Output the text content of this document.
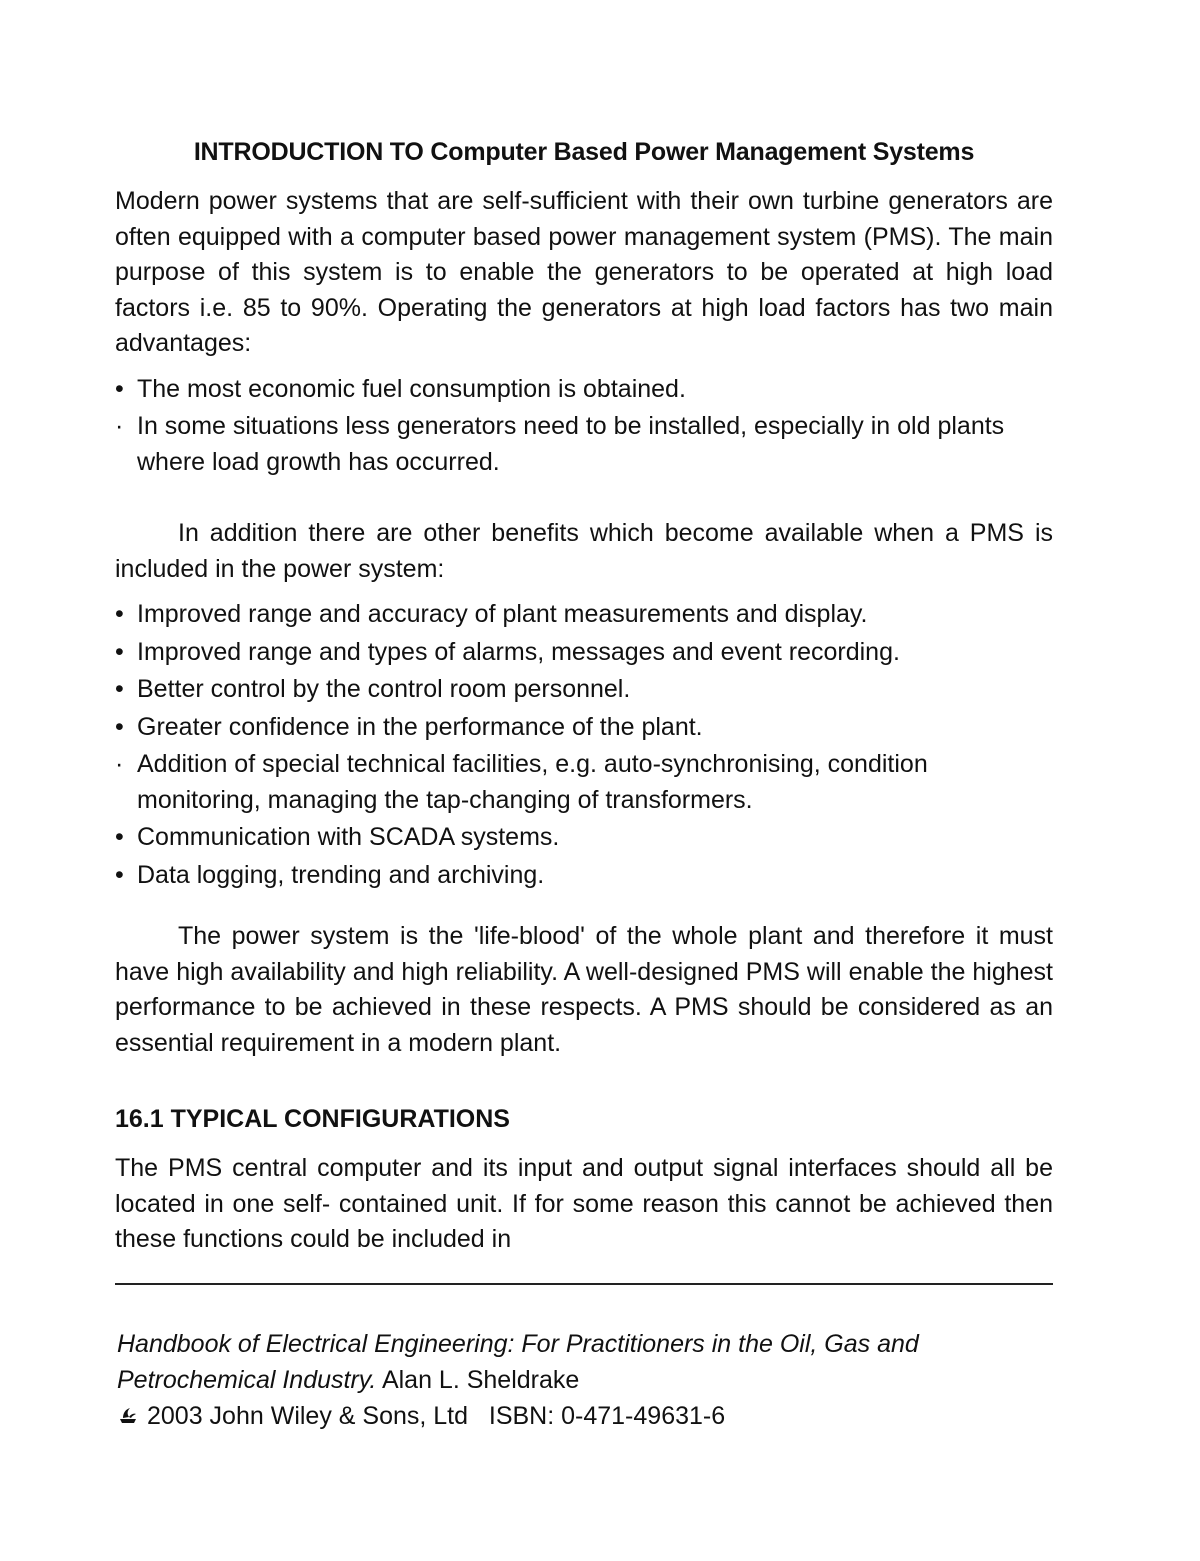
INTRODUCTION TO Computer Based Power Management Systems

Modern power systems that are self-sufficient with their own turbine generators are often equipped with a computer based power management system (PMS). The main purpose of this system is to enable the generators to be operated at high load factors i.e. 85 to 90%. Operating the generators at high load factors has two main advantages:

• The most economic fuel consumption is obtained.
· In some situations less generators need to be installed, especially in old plants where load growth has occurred.

In addition there are other benefits which become available when a PMS is included in the power system:

• Improved range and accuracy of plant measurements and display.
• Improved range and types of alarms, messages and event recording.
• Better control by the control room personnel.
• Greater confidence in the performance of the plant.
· Addition of special technical facilities, e.g. auto-synchronising, condition monitoring, managing the tap-changing of transformers.
• Communication with SCADA systems.
• Data logging, trending and archiving.

The power system is the 'life-blood' of the whole plant and therefore it must have high availability and high reliability. A well-designed PMS will enable the highest performance to be achieved in these respects. A PMS should be considered as an essential requirement in a modern plant.

16.1 TYPICAL CONFIGURATIONS

The PMS central computer and its input and output signal interfaces should all be located in one self- contained unit. If for some reason this cannot be achieved then these functions could be included in

Handbook of Electrical Engineering: For Practitioners in the Oil, Gas and Petrochemical Industry. Alan L. Sheldrake
2003 John Wiley & Sons, Ltd ISBN: 0-471-49631-6
